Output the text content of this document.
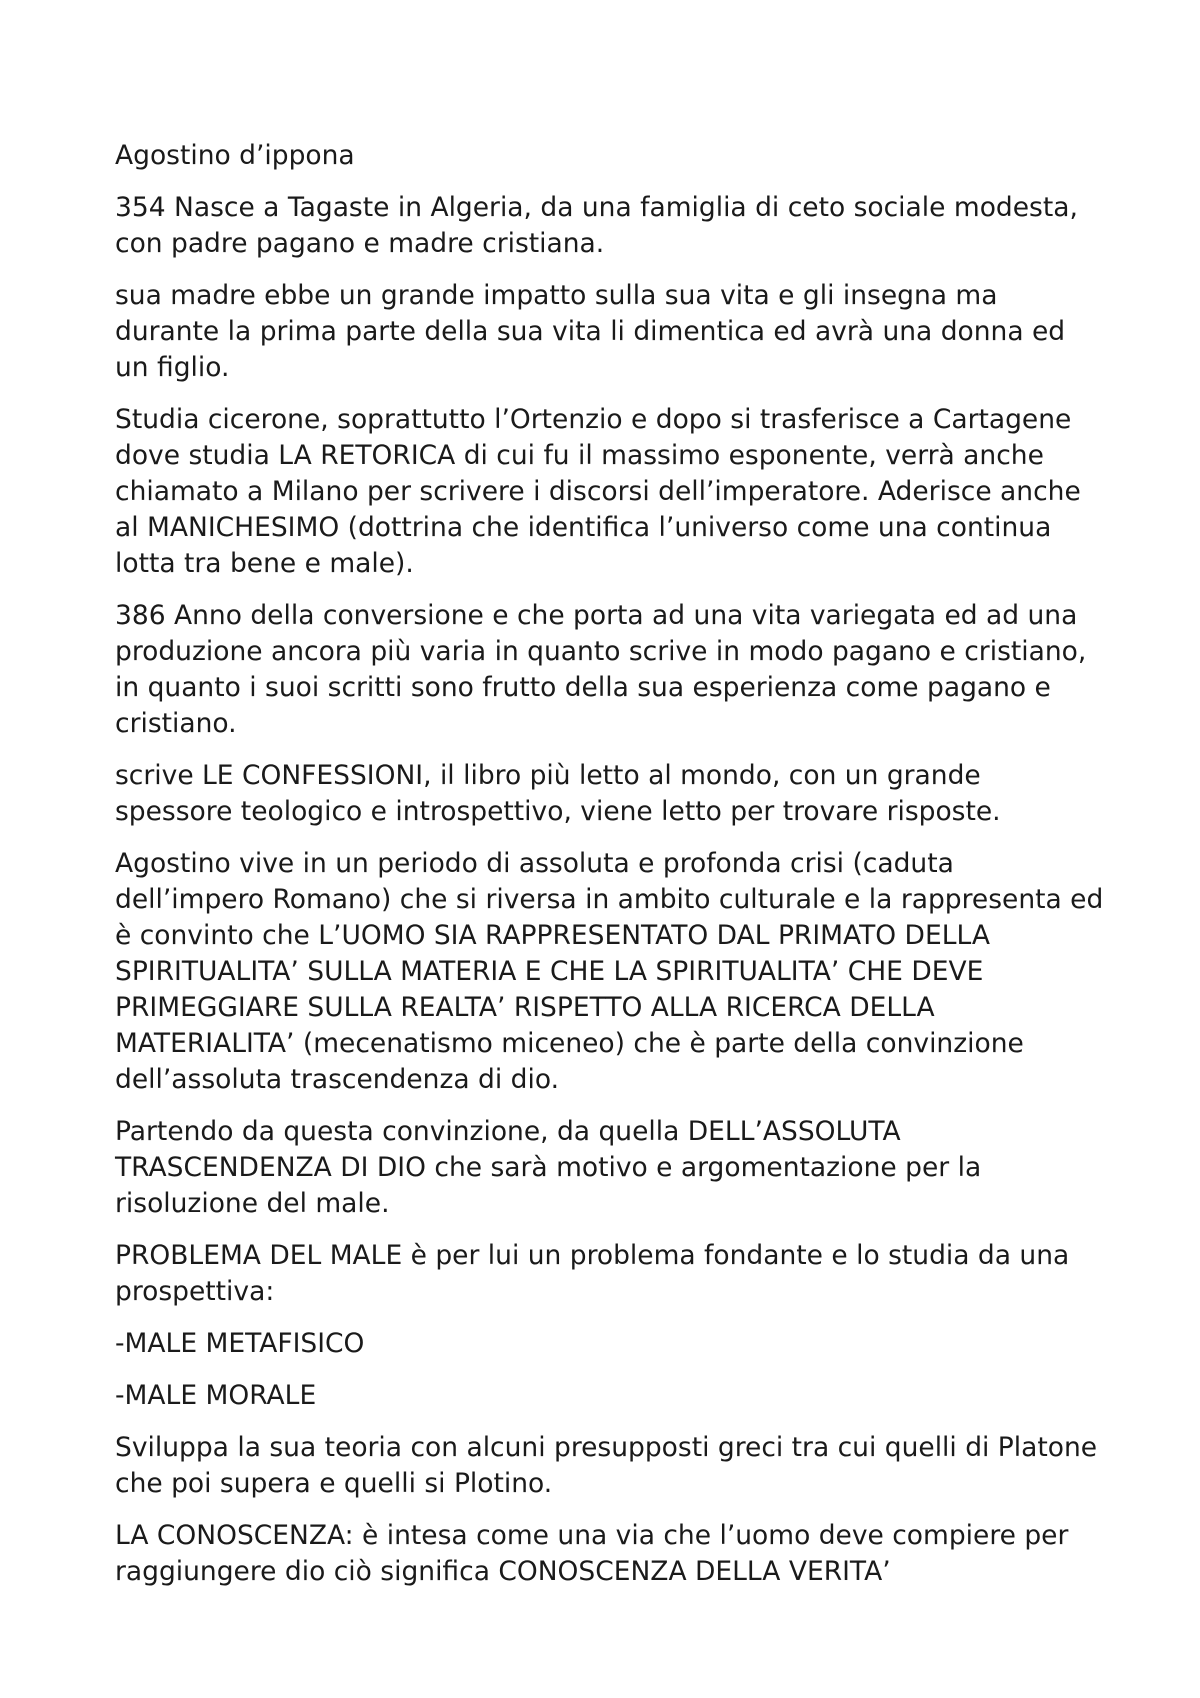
Agostino d’ippona

354 Nasce a Tagaste in Algeria, da una famiglia di ceto sociale modesta, con padre pagano e madre cristiana.

sua madre ebbe un grande impatto sulla sua vita e gli insegna ma durante la prima parte della sua vita li dimentica ed avrà una donna ed un figlio.

Studia cicerone, soprattutto l’Ortenzio e dopo si trasferisce a Cartagene dove studia LA RETORICA di cui fu il massimo esponente, verrà anche chiamato a Milano per scrivere i discorsi dell’imperatore. Aderisce anche al MANICHESIMO (dottrina che identifica l’universo come una continua lotta tra bene e male).

386 Anno della conversione e che porta ad una vita variegata ed ad una produzione ancora più varia in quanto scrive in modo pagano e cristiano, in quanto i suoi scritti sono frutto della sua esperienza come pagano e cristiano.

scrive LE CONFESSIONI, il libro più letto al mondo, con un grande spessore teologico e introspettivo, viene letto per trovare risposte.

Agostino vive in un periodo di assoluta e profonda crisi (caduta dell’impero Romano) che si riversa in ambito culturale e la rappresenta ed è convinto che L’UOMO SIA RAPPRESENTATO DAL PRIMATO DELLA SPIRITUALITA’ SULLA MATERIA E CHE LA SPIRITUALITA’ CHE DEVE PRIMEGGIARE SULLA REALTA’ RISPETTO ALLA RICERCA DELLA MATERIALITA’ (mecenatismo miceneo) che è parte della convinzione dell’assoluta trascendenza di dio.

Partendo da questa convinzione, da quella DELL’ASSOLUTA TRASCENDENZA DI DIO che sarà motivo e argomentazione per la risoluzione del male.

PROBLEMA DEL MALE è per lui un problema fondante e lo studia da una prospettiva:

-MALE METAFISICO

-MALE MORALE

Sviluppa la sua teoria con alcuni presupposti greci tra cui quelli di Platone che poi supera e quelli si Plotino.

LA CONOSCENZA: è intesa come una via che l’uomo deve compiere per raggiungere dio ciò significa CONOSCENZA DELLA VERITA’
